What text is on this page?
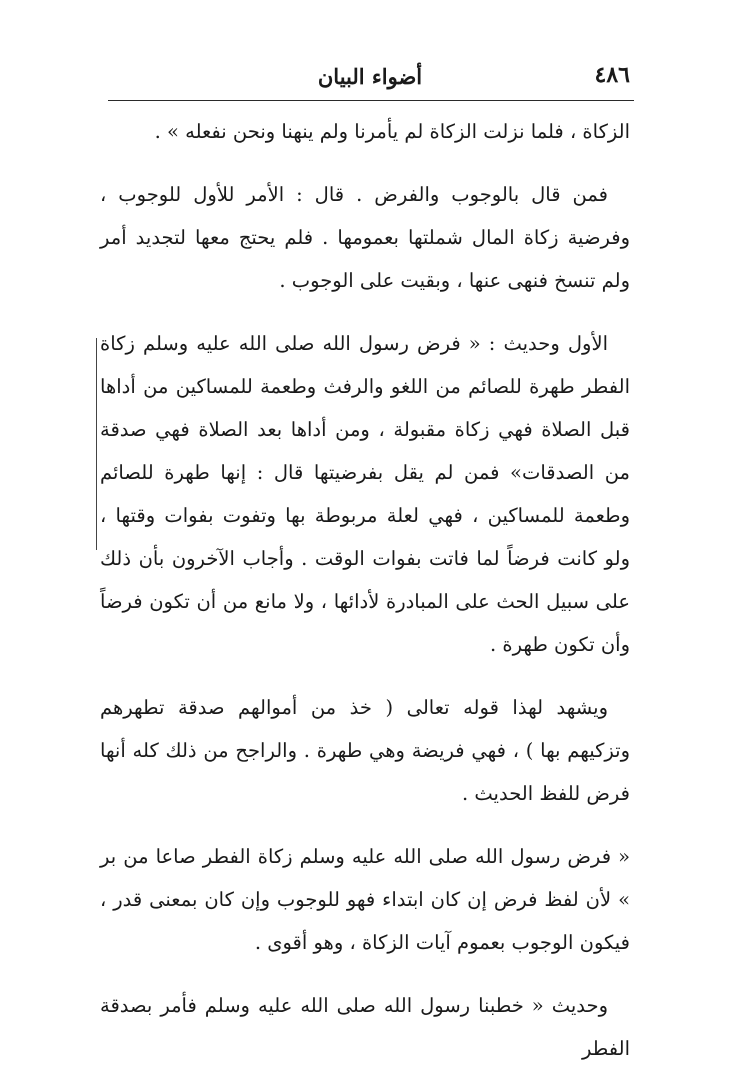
٤٨٦
أضواء البيان

الزكاة ، فلما نزلت الزكاة لم يأمرنا ولم ينهنا ونحن نفعله » .

فمن قال بالوجوب والفرض . قال : الأمر للأول للوجوب ، وفرضية زكاة المال شملتها بعمومها . فلم يحتج معها لتجديد أمر ولم تنسخ فنهى عنها ، وبقيت على الوجوب .

الأول وحديث : « فرض رسول الله صلى الله عليه وسلم زكاة الفطر طهرة للصائم من اللغو والرفث وطعمة للمساكين من أداها قبل الصلاة فهي زكاة مقبولة ، ومن أداها بعد الصلاة فهي صدقة من الصدقات» فمن لم يقل بفرضيتها قال : إنها طهرة للصائم وطعمة للمساكين ، فهي لعلة مربوطة بها وتفوت بفوات وقتها ، ولو كانت فرضاً لما فاتت بفوات الوقت . وأجاب الآخرون بأن ذلك على سبيل الحث على المبادرة لأدائها ، ولا مانع من أن تكون فرضاً وأن تكون طهرة .

ويشهد لهذا قوله تعالى ( خذ من أموالهم صدقة تطهرهم وتزكيهم بها ) ، فهي فريضة وهي طهرة . والراجح من ذلك كله أنها فرض للفظ الحديث .

« فرض رسول الله صلى الله عليه وسلم زكاة الفطر صاعا من بر » لأن لفظ فرض إن كان ابتداء فهو للوجوب وإن كان بمعنى قدر ، فيكون الوجوب بعموم آيات الزكاة ، وهو أقوى .

وحديث « خطبنا رسول الله صلى الله عليه وسلم فأمر بصدقة الفطر
